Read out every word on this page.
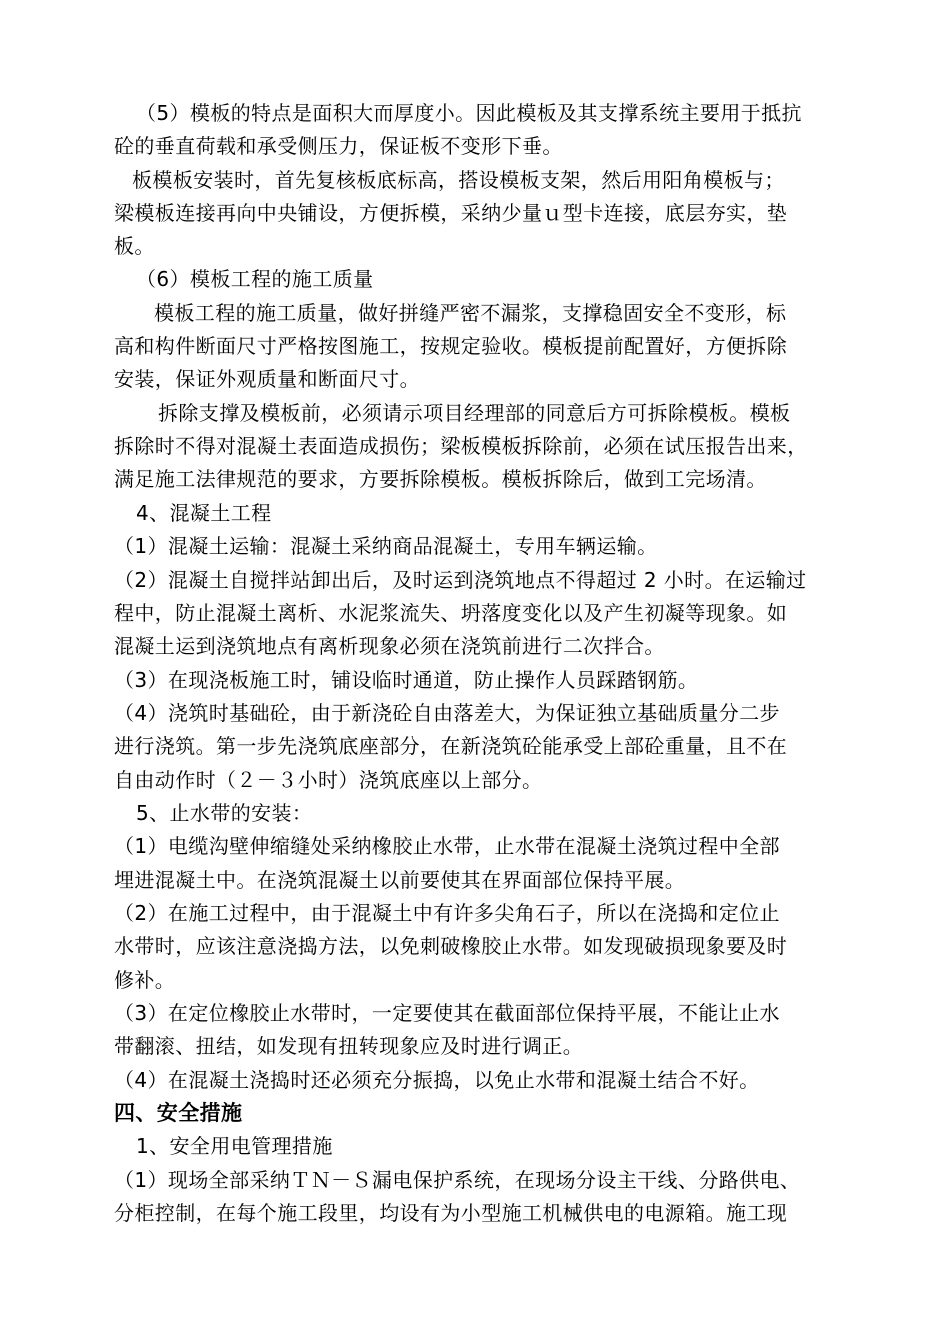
（5）模板的特点是面积大而厚度小。因此模板及其支撑系统主要用于抵抗
砼的垂直荷载和承受侧压力，保证板不变形下垂。
板模板安装时，首先复核板底标高，搭设模板支架，然后用阳角模板与；
梁模板连接再向中央铺设，方便拆模，采纳少量ｕ型卡连接，底层夯实，垫
板。
（6）模板工程的施工质量
模板工程的施工质量，做好拼缝严密不漏浆，支撑稳固安全不变形，标
高和构件断面尺寸严格按图施工，按规定验收。模板提前配置好，方便拆除
安装，保证外观质量和断面尺寸。
拆除支撑及模板前，必须请示项目经理部的同意后方可拆除模板。模板
拆除时不得对混凝土表面造成损伤；梁板模板拆除前，必须在试压报告出来，
满足施工法律规范的要求，方要拆除模板。模板拆除后，做到工完场清。
4、混凝土工程
（1）混凝土运输：混凝土采纳商品混凝土，专用车辆运输。
（2）混凝土自搅拌站卸出后，及时运到浇筑地点不得超过 2 小时。在运输过
程中，防止混凝土离析、水泥浆流失、坍落度变化以及产生初凝等现象。如
混凝土运到浇筑地点有离析现象必须在浇筑前进行二次拌合。
（3）在现浇板施工时，铺设临时通道，防止操作人员踩踏钢筋。
（4）浇筑时基础砼，由于新浇砼自由落差大，为保证独立基础质量分二步
进行浇筑。第一步先浇筑底座部分，在新浇筑砼能承受上部砼重量，且不在
自由动作时（２－３小时）浇筑底座以上部分。
5、止水带的安装：
（1）电缆沟壁伸缩缝处采纳橡胶止水带，止水带在混凝土浇筑过程中全部
埋进混凝土中。在浇筑混凝土以前要使其在界面部位保持平展。
（2）在施工过程中，由于混凝土中有许多尖角石子，所以在浇捣和定位止
水带时，应该注意浇捣方法，以免刺破橡胶止水带。如发现破损现象要及时
修补。
（3）在定位橡胶止水带时，一定要使其在截面部位保持平展，不能让止水
带翻滚、扭结，如发现有扭转现象应及时进行调正。
（4）在混凝土浇捣时还必须充分振捣，以免止水带和混凝土结合不好。
四、安全措施
1、安全用电管理措施
（1）现场全部采纳ＴＮ－Ｓ漏电保护系统，在现场分设主干线、分路供电、
分柜控制，在每个施工段里，均设有为小型施工机械供电的电源箱。施工现
